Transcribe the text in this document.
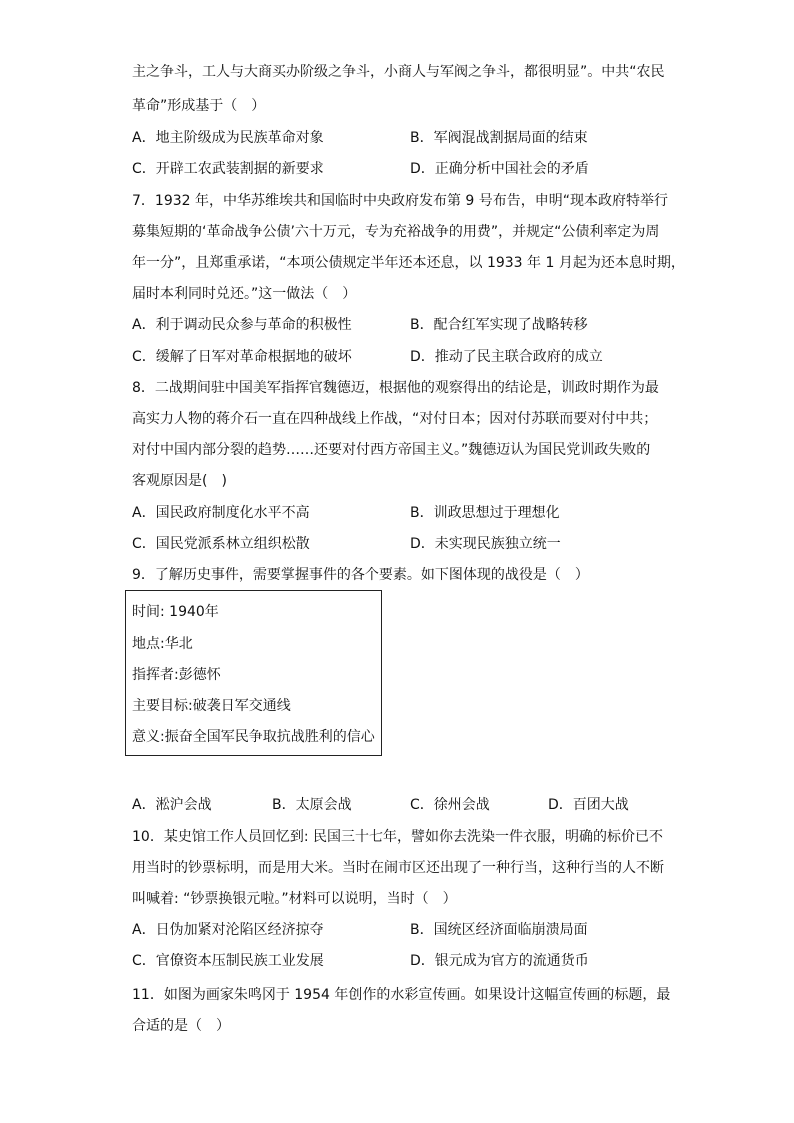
主之争斗，工人与大商买办阶级之争斗，小商人与军阀之争斗，都很明显”。中共“农民
革命”形成基于（　）
A．地主阶级成为民族革命对象	B．军阀混战割据局面的结束
C．开辟工农武装割据的新要求	D．正确分析中国社会的矛盾
7．1932 年，中华苏维埃共和国临时中央政府发布第 9 号布告，申明“现本政府特举行
募集短期的‘革命战争公债’六十万元，专为充裕战争的用费”，并规定“公债利率定为周
年一分”，且郑重承诺，“本项公债规定半年还本还息，以 1933 年 1 月起为还本息时期，
届时本利同时兑还。”这一做法（　）
A．利于调动民众参与革命的积极性	B．配合红军实现了战略转移
C．缓解了日军对革命根据地的破坏	D．推动了民主联合政府的成立
8．二战期间驻中国美军指挥官魏德迈，根据他的观察得出的结论是，训政时期作为最
高实力人物的蒋介石一直在四种战线上作战，“对付日本；因对付苏联而要对付中共；
对付中国内部分裂的趋势……还要对付西方帝国主义。”魏德迈认为国民党训政失败的
客观原因是(　)
A．国民政府制度化水平不高	B．训政思想过于理想化
C．国民党派系林立组织松散	D．未实现民族独立统一
9．了解历史事件，需要掌握事件的各个要素。如下图体现的战役是（　）
时间: 1940年
地点:华北
指挥者:彭德怀
主要目标:破袭日军交通线
意义:振奋全国军民争取抗战胜利的信心
A．淞沪会战	B．太原会战	C．徐州会战	D．百团大战
10．某史馆工作人员回忆到: 民国三十七年，譬如你去洗染一件衣服，明确的标价已不
用当时的钞票标明，而是用大米。当时在闹市区还出现了一种行当，这种行当的人不断
叫喊着: “钞票换银元啦。”材料可以说明，当时（　）
A．日伪加紧对沦陷区经济掠夺	B．国统区经济面临崩溃局面
C．官僚资本压制民族工业发展	D．银元成为官方的流通货币
11．如图为画家朱鸣冈于 1954 年创作的水彩宣传画。如果设计这幅宣传画的标题，最
合适的是（　）
